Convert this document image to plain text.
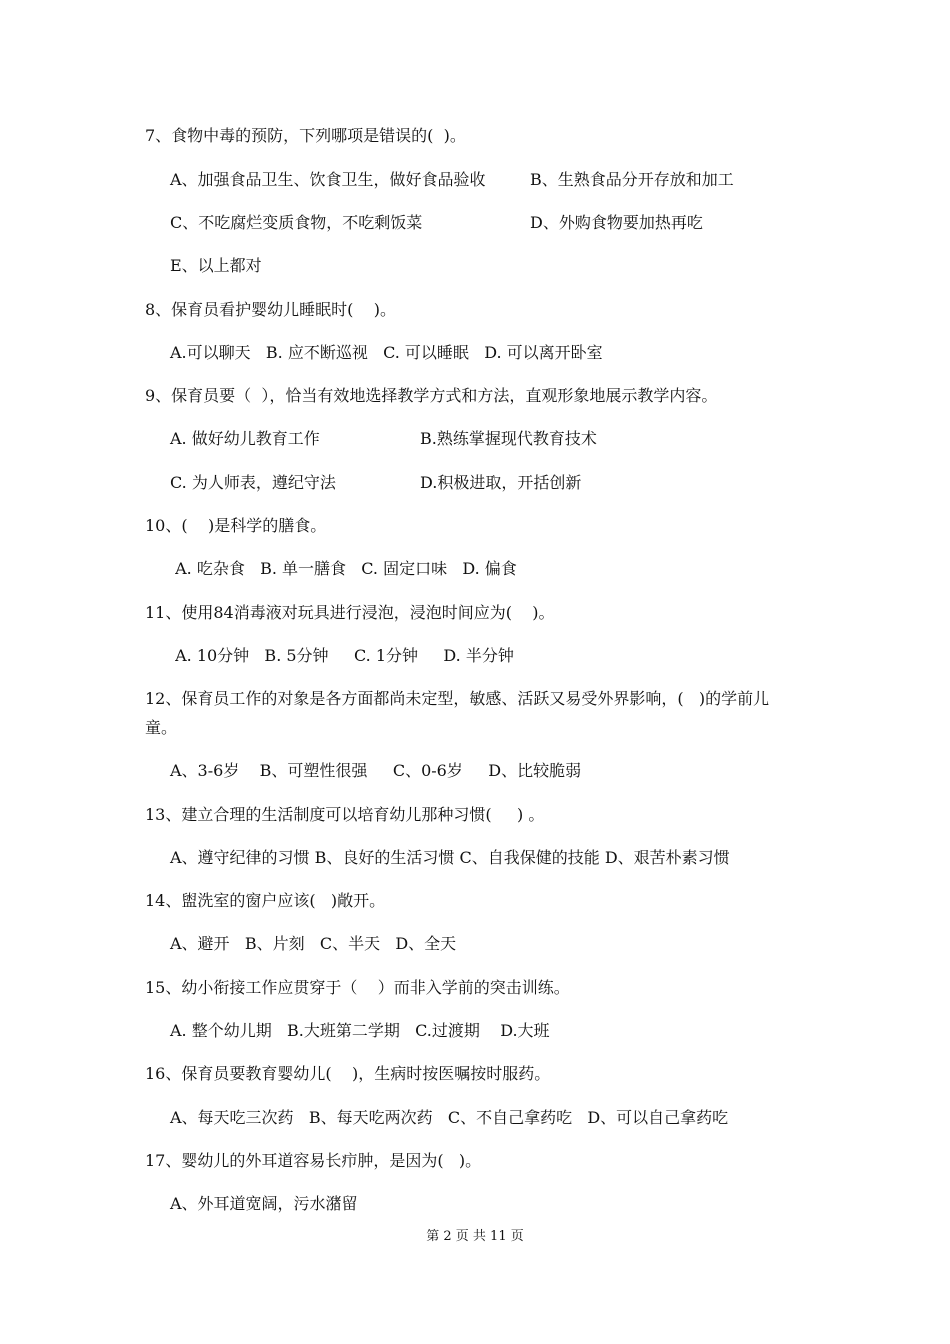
7、食物中毒的预防，下列哪项是错误的(  )。
A、加强食品卫生、饮食卫生，做好食品验收	B、生熟食品分开存放和加工
C、不吃腐烂变质食物，不吃剩饭菜	D、外购食物要加热再吃
E、以上都对
8、保育员看护婴幼儿睡眠时(    )。
A.可以聊天   B. 应不断巡视   C. 可以睡眠   D. 可以离开卧室
9、保育员要（  ），恰当有效地选择教学方式和方法，直观形象地展示教学内容。
A. 做好幼儿教育工作	B.熟练掌握现代教育技术
C. 为人师表，遵纪守法	D.积极进取，开括创新
10、(    )是科学的膳食。
A. 吃杂食   B. 单一膳食   C. 固定口味   D. 偏食
11、使用84消毒液对玩具进行浸泡，浸泡时间应为(    )。
A. 10分钟   B. 5分钟     C. 1分钟     D. 半分钟
12、保育员工作的对象是各方面都尚未定型，敏感、活跃又易受外界影响，(   )的学前儿
童。
A、3-6岁    B、可塑性很强     C、0-6岁     D、比较脆弱
13、建立合理的生活制度可以培育幼儿那种习惯(     ) 。
A、遵守纪律的习惯 B、良好的生活习惯 C、自我保健的技能 D、艰苦朴素习惯
14、盥洗室的窗户应该(   )敞开。
A、避开   B、片刻   C、半天   D、全天
15、幼小衔接工作应贯穿于（    ）而非入学前的突击训练。
A. 整个幼儿期   B.大班第二学期   C.过渡期    D.大班
16、保育员要教育婴幼儿(    )，生病时按医嘱按时服药。
A、每天吃三次药   B、每天吃两次药   C、不自己拿药吃   D、可以自己拿药吃
17、婴幼儿的外耳道容易长疖肿，是因为(   )。
A、外耳道宽阔，污水潴留
第 2 页 共 11 页
